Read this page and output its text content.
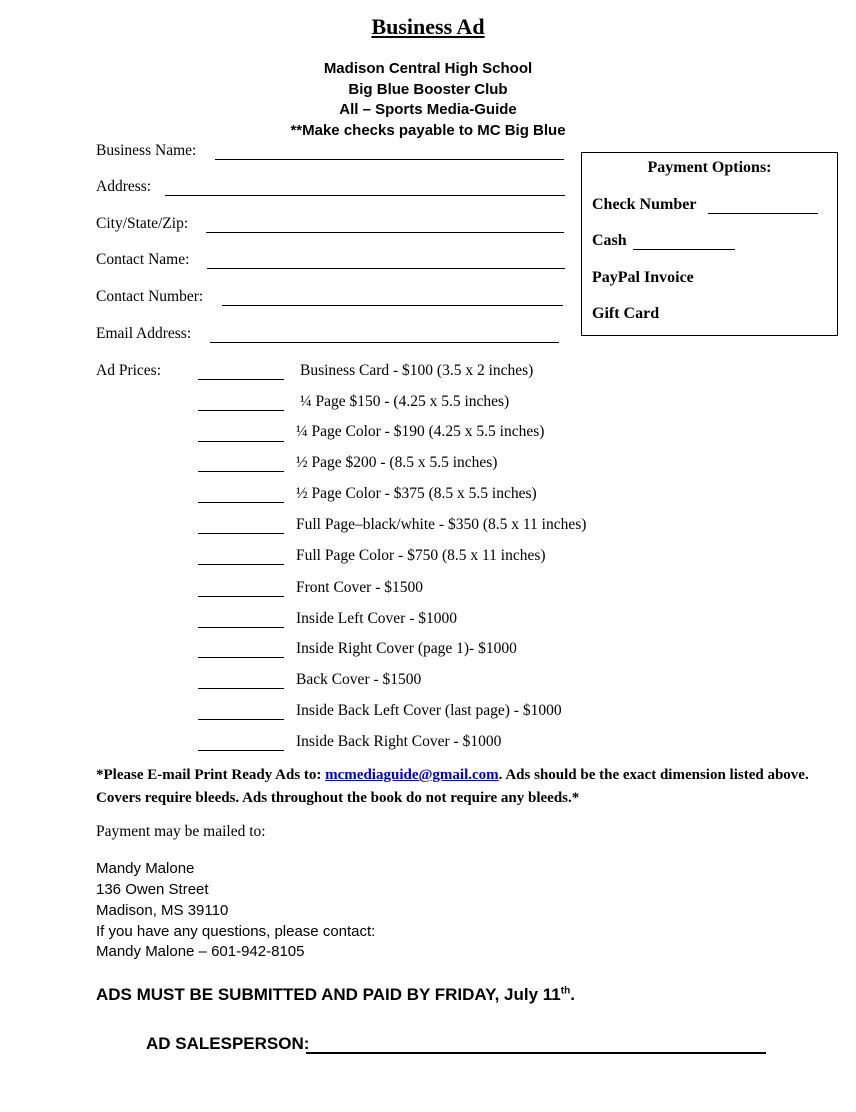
Business Ad
Madison Central High School
Big Blue Booster Club
All – Sports Media-Guide
**Make checks payable to MC Big Blue
Business Name:
Address:
City/State/Zip:
Contact Name:
Contact Number:
Email Address:
Payment Options:
Check Number
Cash
PayPal Invoice
Gift Card
Ad Prices:	Business Card - $100 (3.5 x 2 inches)
¼ Page $150 - (4.25 x 5.5 inches)
¼ Page Color - $190 (4.25 x 5.5 inches)
½ Page $200 - (8.5 x 5.5 inches)
½ Page Color - $375 (8.5 x 5.5 inches)
Full Page–black/white - $350 (8.5 x 11 inches)
Full Page Color - $750 (8.5 x 11 inches)
Front Cover - $1500
Inside Left Cover - $1000
Inside Right Cover (page 1)- $1000
Back Cover - $1500
Inside Back Left Cover (last page) - $1000
Inside Back Right Cover - $1000
*Please E-mail Print Ready Ads to: mcmediaguide@gmail.com. Ads should be the exact dimension listed above. Covers require bleeds. Ads throughout the book do not require any bleeds.*
Payment may be mailed to:
Mandy Malone
136 Owen Street
Madison, MS 39110
If you have any questions, please contact:
Mandy Malone – 601-942-8105
ADS MUST BE SUBMITTED AND PAID BY FRIDAY, July 11th.
AD SALESPERSON:
